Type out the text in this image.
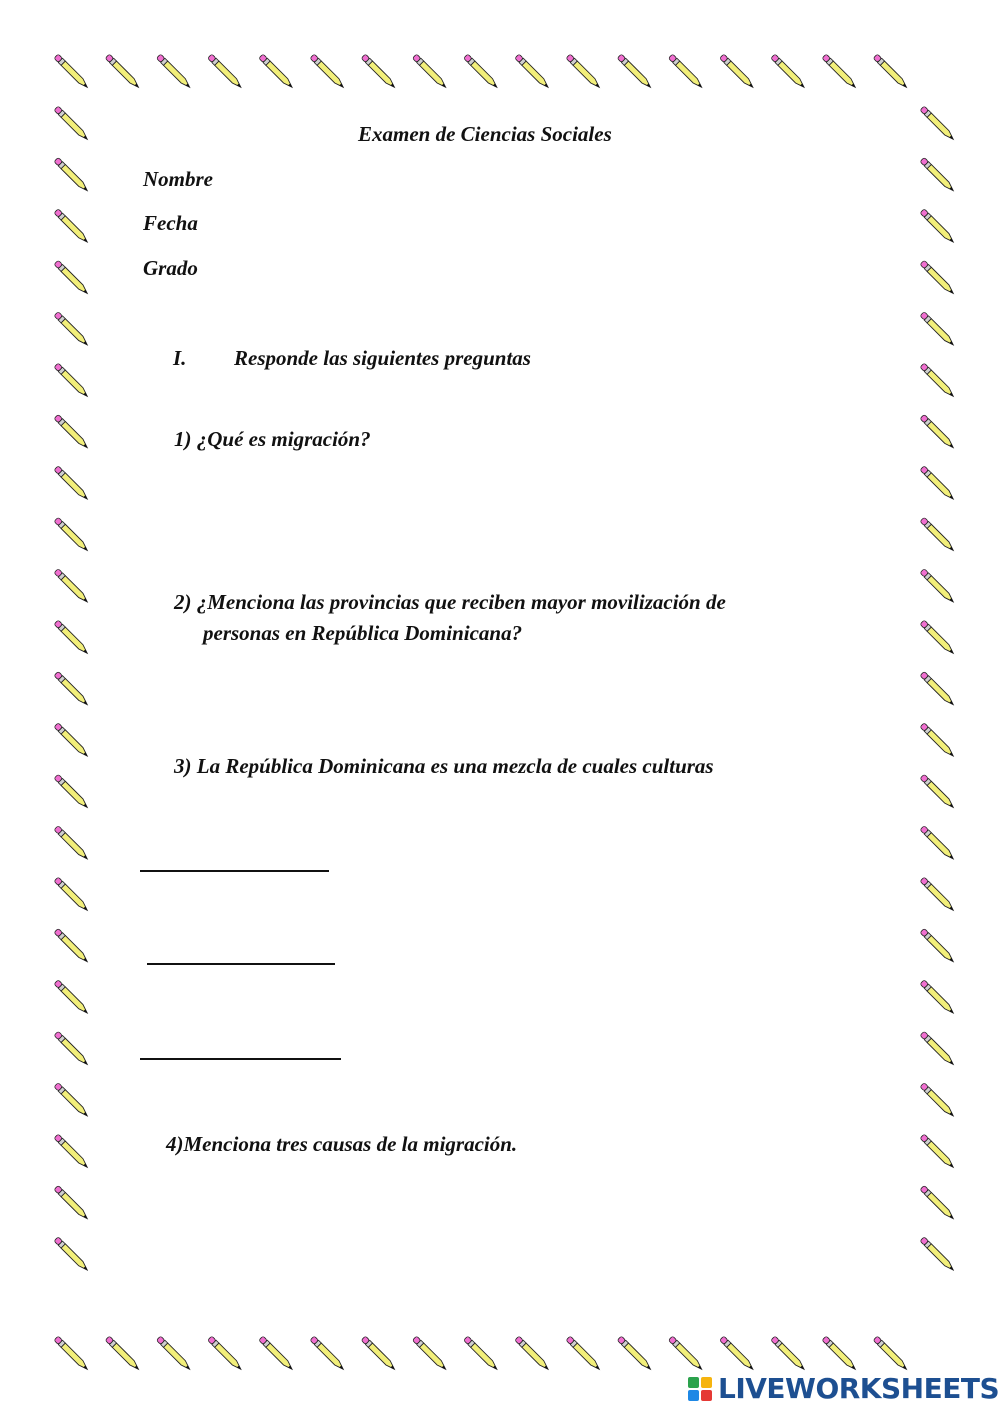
Examen de Ciencias Sociales
Nombre
Fecha
Grado
I. Responde las siguientes preguntas
1) ¿Qué es migración?
2) ¿Menciona las provincias que reciben mayor movilización de
personas en República Dominicana?
3) La República Dominicana es una mezcla de cuales culturas
4)Menciona tres causas de la migración.
LIVEWORKSHEETS
